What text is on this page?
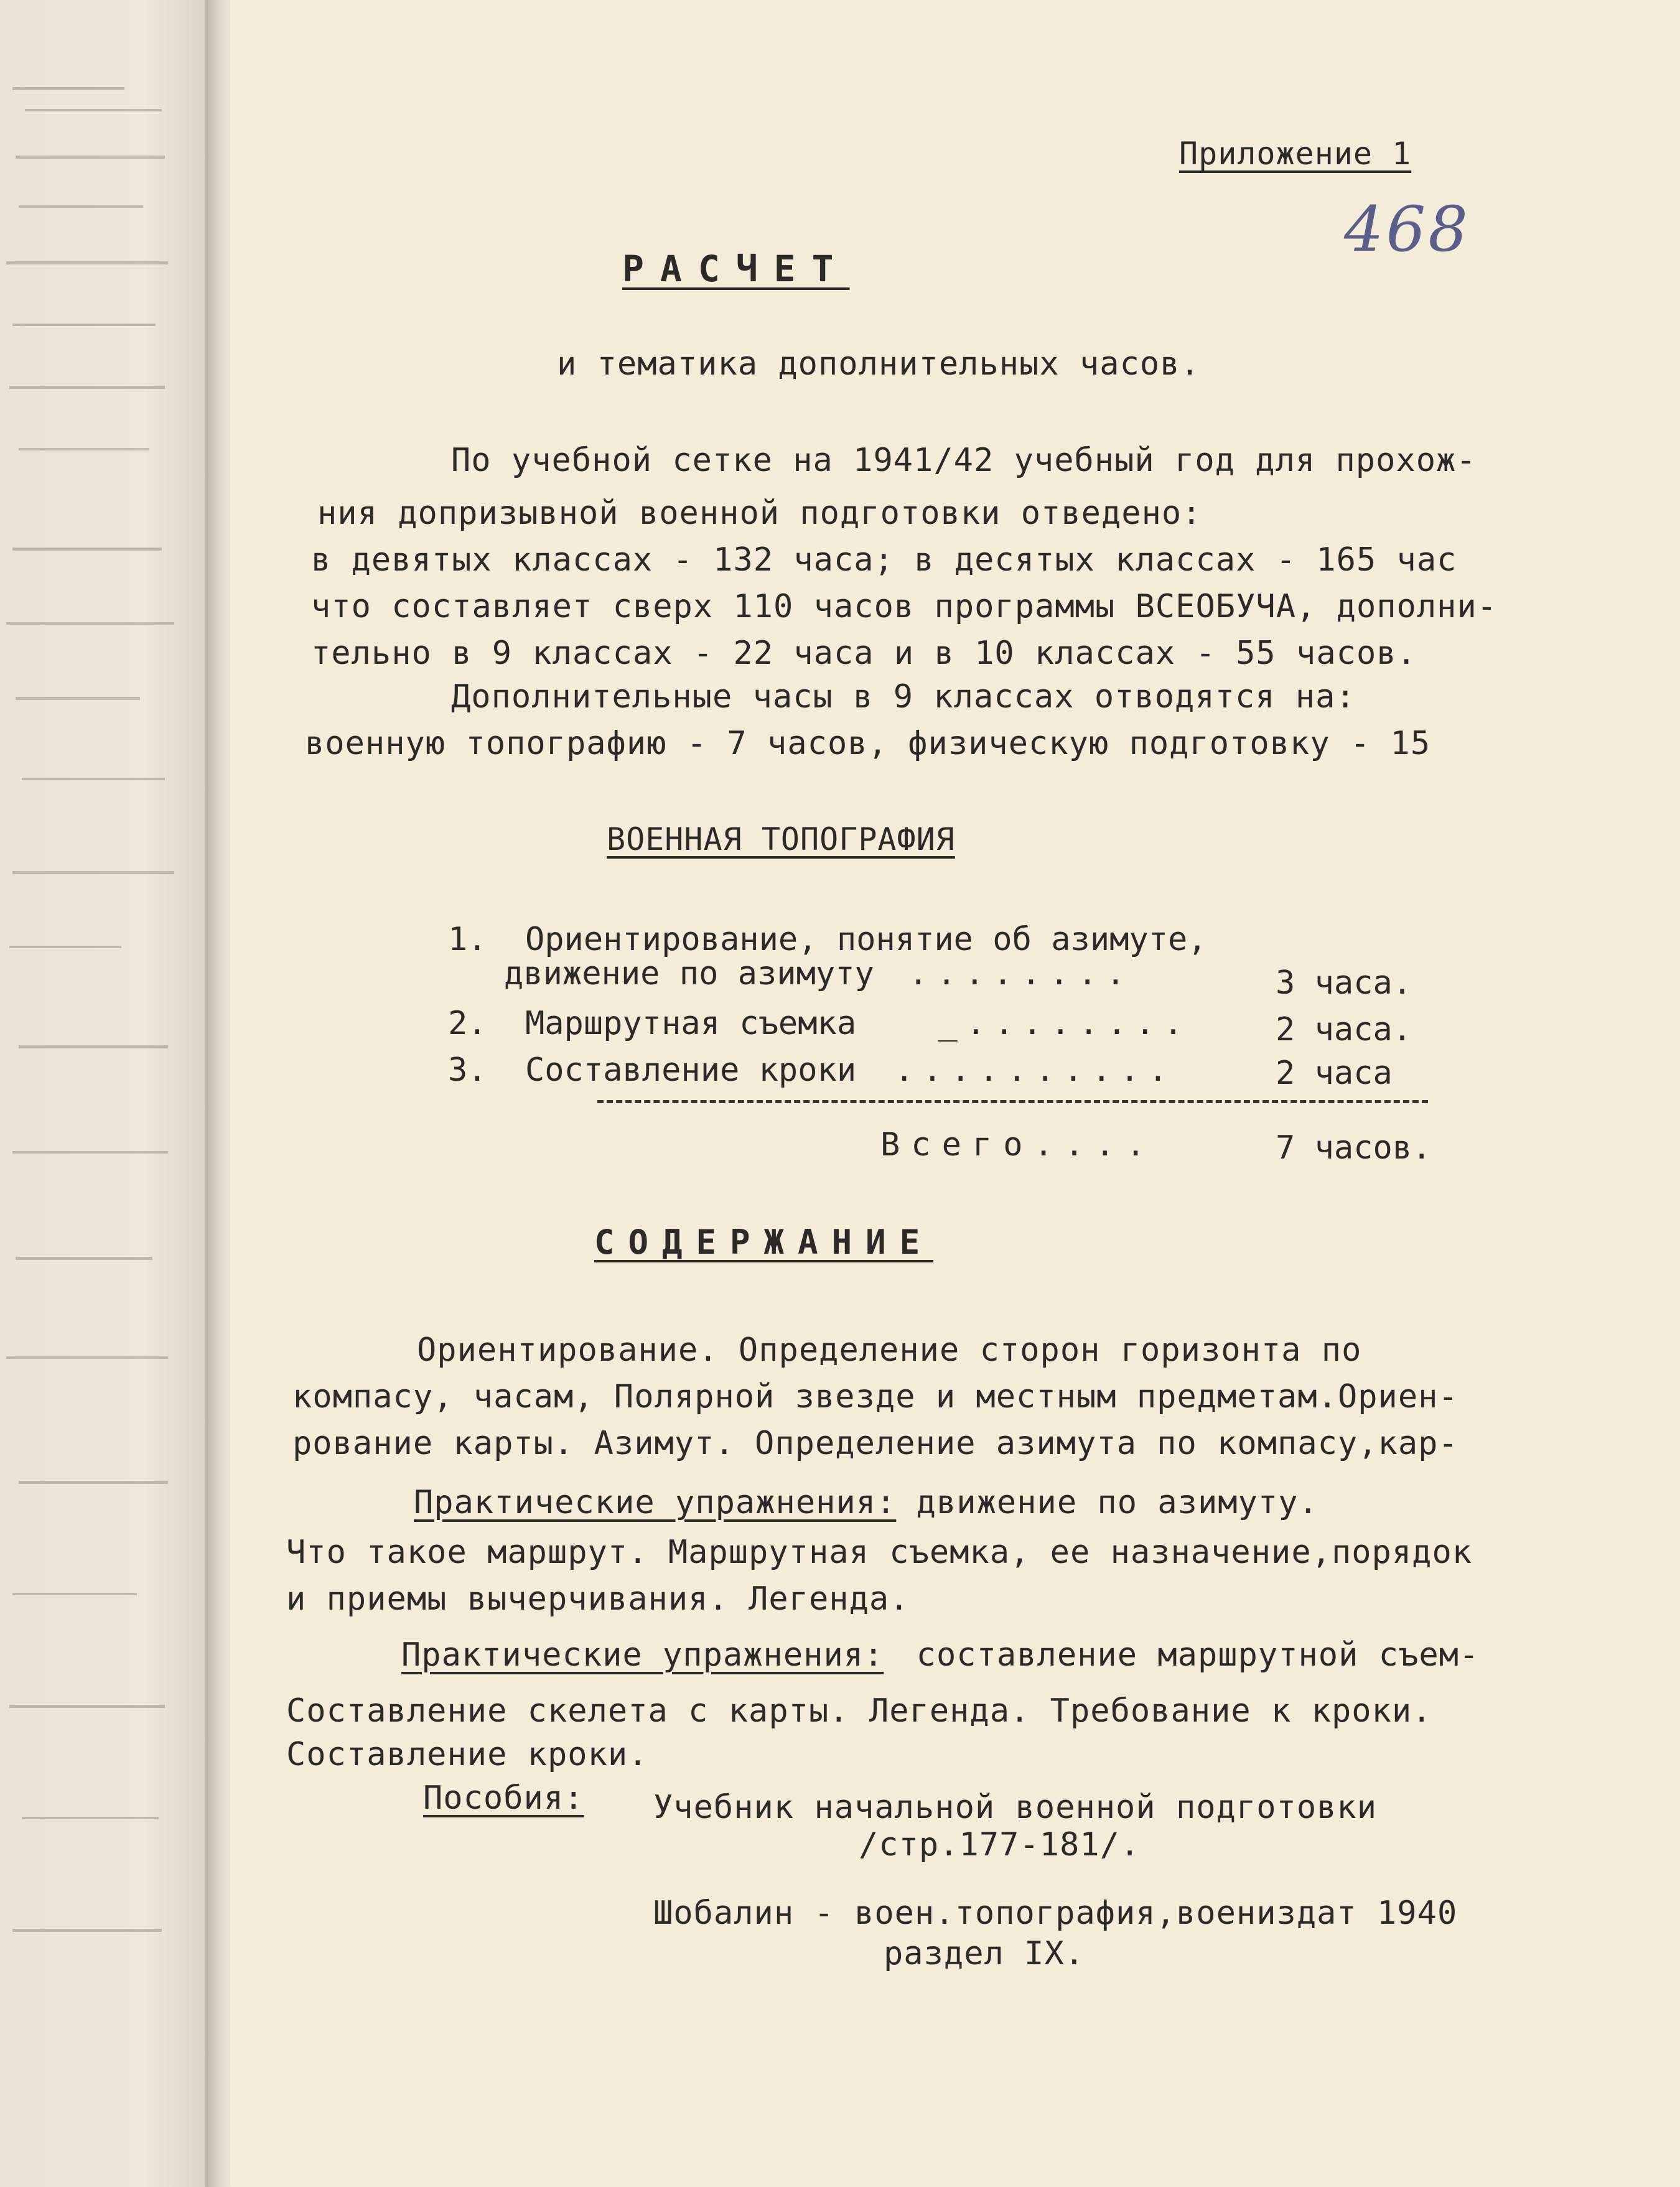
Приложение 1
468
РАСЧЕТ
и тематика дополнительных часов.
По учебной сетке на 1941/42 учебный год для прохож-
ния допризывной военной подготовки отведено:
в девятых классах - 132 часа; в десятых классах - 165 час
что составляет сверх 110 часов программы ВСЕОБУЧА, дополни-
тельно в 9 классах - 22 часа и в 10 классах - 55 часов.
Дополнительные часы в 9 классах отводятся на:
военную топографию - 7 часов, физическую подготовку - 15
ВОЕННАЯ ТОПОГРАФИЯ
1. Ориентирование, понятие об азимуте,
движение по азимуту ........	3 часа.
2. Маршрутная съемка	_........	2 часа.
3. Составление кроки ..........	2 часа
Всего....	7 часов.
СОДЕРЖАНИЕ
Ориентирование. Определение сторон горизонта по
компасу, часам, Полярной звезде и местным предметам.Ориен-
рование карты. Азимут. Определение азимута по компасу,кар-
Практические упражнения: движение по азимуту.
Что такое маршрут. Маршрутная съемка, ее назначение,порядок
и приемы вычерчивания. Легенда.
Практические упражнения: составление маршрутной съем-
Составление скелета с карты. Легенда. Требование к кроки.
Составление кроки.
Пособия: Учебник начальной военной подготовки
/стр.177-181/.
Шобалин - воен.топография,воениздат 1940
раздел IX.
